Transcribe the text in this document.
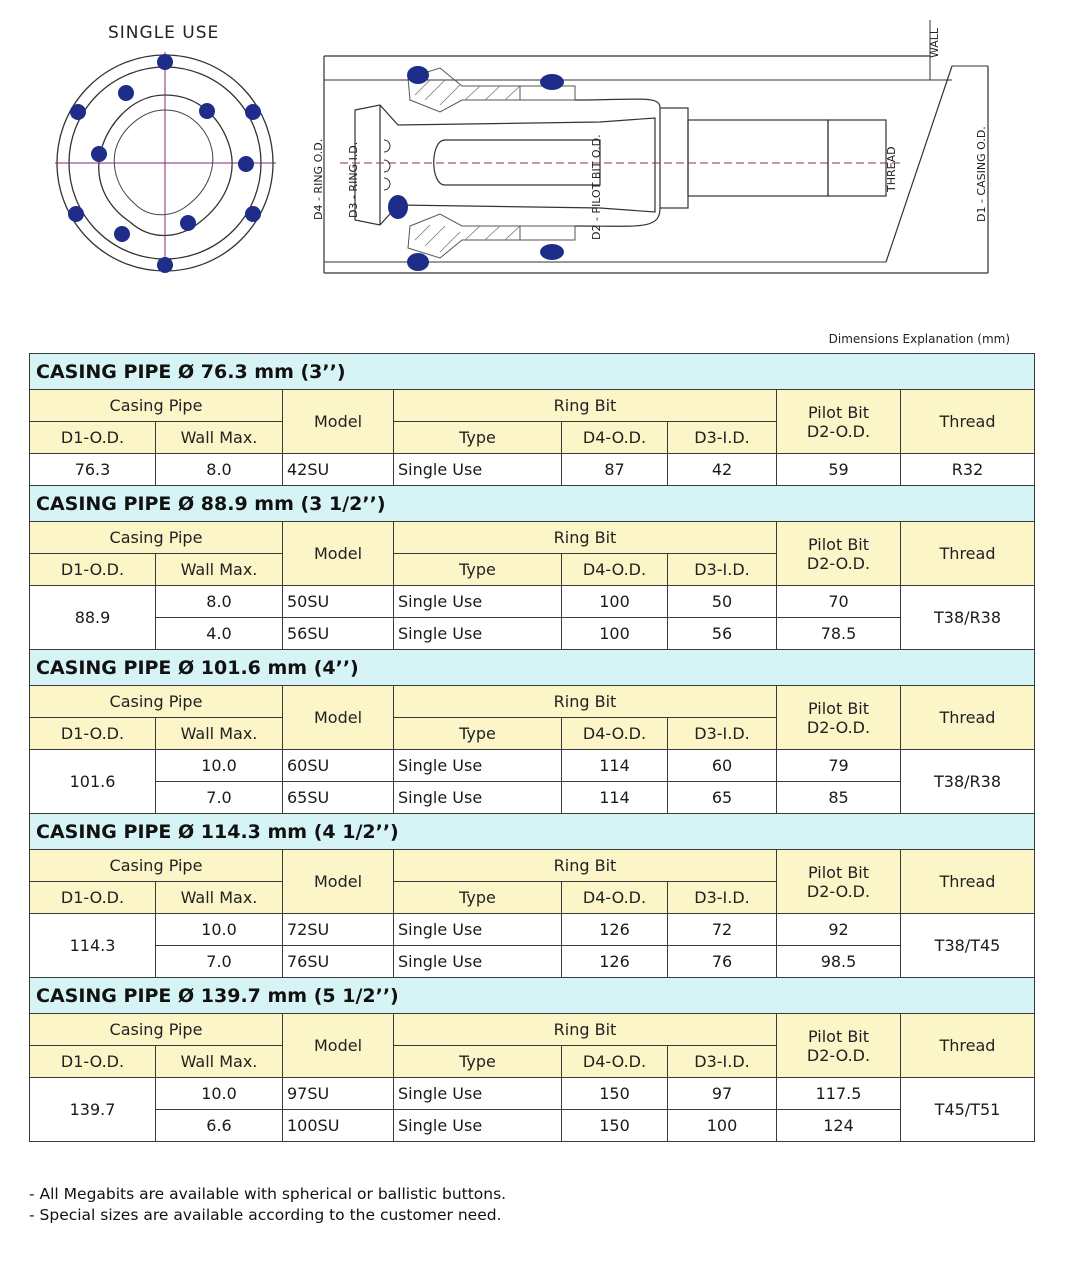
SINGLE USE	WALL
D4 - RING O.D. D3 - RING I.D.	D2 - PILOT BIT O.D.	THREAD	D1 - CASING O.D.
Dimensions Explanation (mm)
CASING PIPE Ø 76.3 mm (3’’)							
Casing Pipe		Model	Ring Bit			Pilot Bit
D2-O.D.	Thread
D1-O.D.	Wall Max.		Type	D4-O.D.	D3-I.D.		
76.3	8.0	42SU	Single Use	87	42	59	R32
CASING PIPE Ø 88.9 mm (3 1/2’’)							
Casing Pipe		Model	Ring Bit			Pilot Bit
D2-O.D.	Thread
D1-O.D.	Wall Max.		Type	D4-O.D.	D3-I.D.		
88.9	8.0	50SU	Single Use	100	50	70	T38/R38
	4.0	56SU	Single Use	100	56	78.5	
CASING PIPE Ø 101.6 mm (4’’)							
Casing Pipe		Model	Ring Bit			Pilot Bit
D2-O.D.	Thread
D1-O.D.	Wall Max.		Type	D4-O.D.	D3-I.D.		
101.6	10.0	60SU	Single Use	114	60	79	T38/R38
	7.0	65SU	Single Use	114	65	85	
CASING PIPE Ø 114.3 mm (4 1/2’’)							
Casing Pipe		Model	Ring Bit			Pilot Bit
D2-O.D.	Thread
D1-O.D.	Wall Max.		Type	D4-O.D.	D3-I.D.		
114.3	10.0	72SU	Single Use	126	72	92	T38/T45
	7.0	76SU	Single Use	126	76	98.5	
CASING PIPE Ø 139.7 mm (5 1/2’’)							
Casing Pipe		Model	Ring Bit			Pilot Bit
D2-O.D.	Thread
D1-O.D.	Wall Max.		Type	D4-O.D.	D3-I.D.		
139.7	10.0	97SU	Single Use	150	97	117.5	T45/T51
	6.6	100SU	Single Use	150	100	124	
- All Megabits are available with spherical or ballistic buttons.
- Special sizes are available according to the customer need.
